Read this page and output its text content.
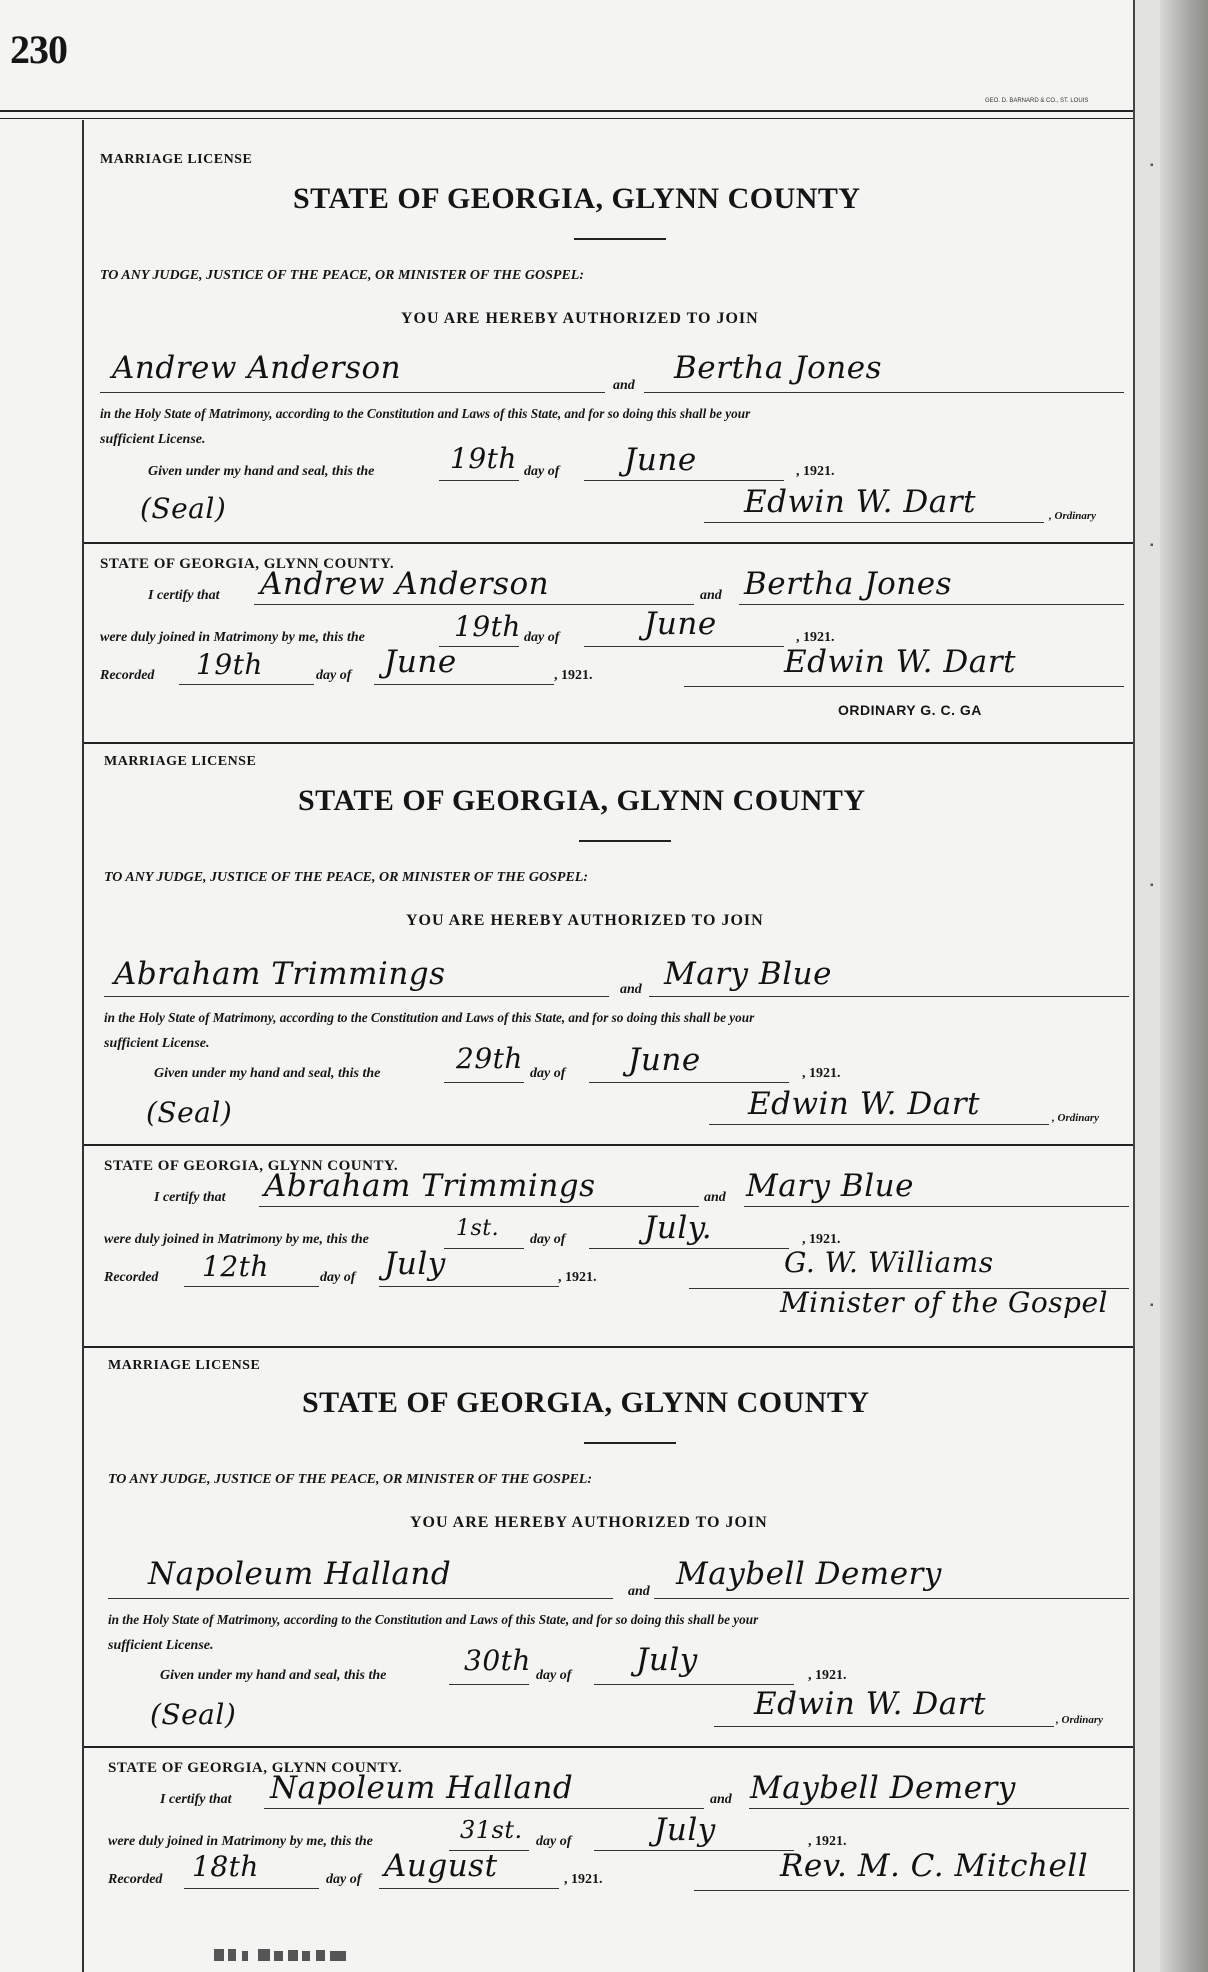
230
GEO. D. BARNARD & CO., ST. LOUIS
MARRIAGE LICENSE
STATE OF GEORGIA, GLYNN COUNTY
TO ANY JUDGE, JUSTICE OF THE PEACE, OR MINISTER OF THE GOSPEL:
YOU ARE HEREBY AUTHORIZED TO JOIN
Andrew Anderson	and Bertha Jones
in the Holy State of Matrimony, according to the Constitution and Laws of this State, and for so doing this shall be your
sufficient License.
Given under my hand and seal, this the	19th day of June	, 1921.
(Seal)	Edwin W. Dart	, Ordinary
STATE OF GEORGIA, GLYNN COUNTY.
I certify that Andrew Anderson	and Bertha Jones
were duly joined in Matrimony by me, this the	19th day of	June	, 1921.
Recorded 19th	day of June	, 1921.	Edwin W. Dart
ORDINARY G. C. GA
MARRIAGE LICENSE
STATE OF GEORGIA, GLYNN COUNTY
TO ANY JUDGE, JUSTICE OF THE PEACE, OR MINISTER OF THE GOSPEL:
YOU ARE HEREBY AUTHORIZED TO JOIN
Abraham Trimmings	and Mary Blue
in the Holy State of Matrimony, according to the Constitution and Laws of this State, and for so doing this shall be your
sufficient License.
Given under my hand and seal, this the	29th day of June	, 1921.
(Seal)	Edwin W. Dart	, Ordinary
STATE OF GEORGIA, GLYNN COUNTY.
I certify that Abraham Trimmings	and Mary Blue
were duly joined in Matrimony by me, this the	1st. day of	July.	, 1921.
Recorded 12th	day of July	, 1921.	G. W. Williams
Minister of the Gospel
MARRIAGE LICENSE
STATE OF GEORGIA, GLYNN COUNTY
TO ANY JUDGE, JUSTICE OF THE PEACE, OR MINISTER OF THE GOSPEL:
YOU ARE HEREBY AUTHORIZED TO JOIN
Napoleum Halland	and Maybell Demery
in the Holy State of Matrimony, according to the Constitution and Laws of this State, and for so doing this shall be your
sufficient License.
Given under my hand and seal, this the	30th day of July	, 1921.
(Seal)	Edwin W. Dart	, Ordinary
STATE OF GEORGIA, GLYNN COUNTY.
I certify that Napoleum Halland	and Maybell Demery
were duly joined in Matrimony by me, this the	31st. day of	July	, 1921.
Recorded 18th	day of August	, 1921.	Rev. M. C. Mitchell
▪
▪
▪
▪
